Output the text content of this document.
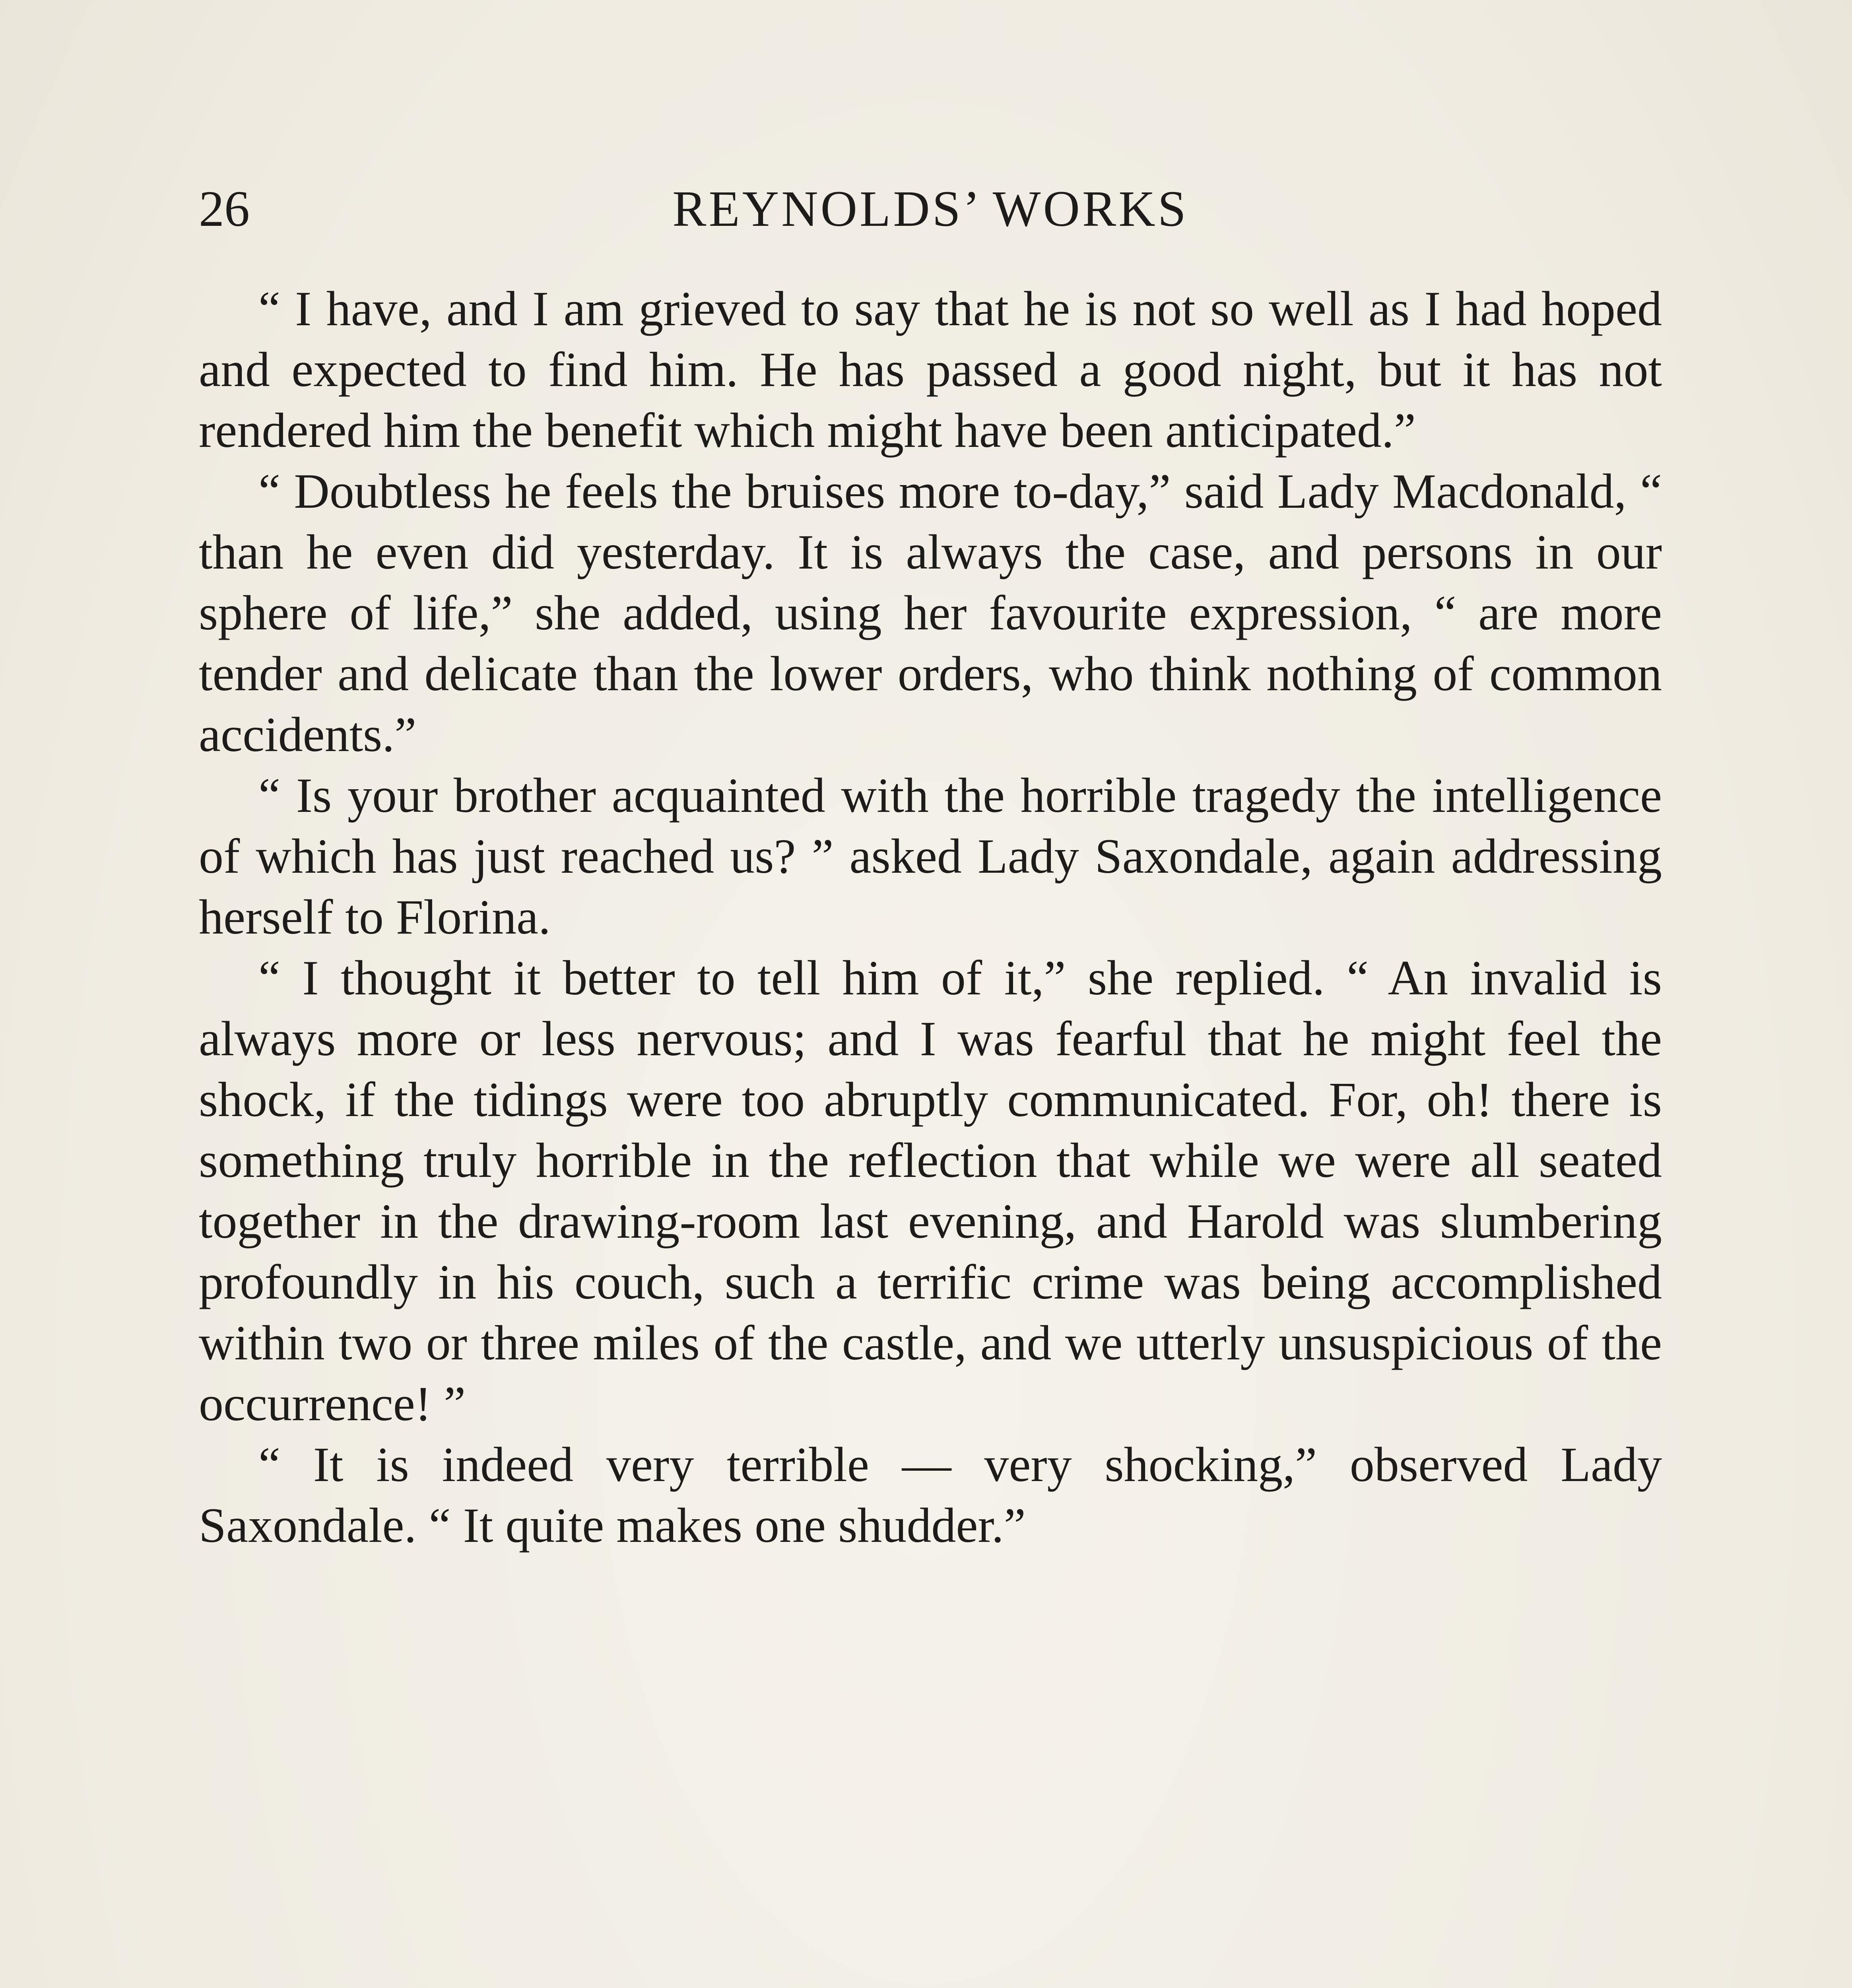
26	REYNOLDS’ WORKS

“ I have, and I am grieved to say that he is not so well as I had hoped and expected to find him. He has passed a good night, but it has not rendered him the benefit which might have been anticipated.”

“ Doubtless he feels the bruises more to-day,” said Lady Macdonald, “ than he even did yesterday. It is always the case, and persons in our sphere of life,” she added, using her favourite expression, “ are more tender and delicate than the lower orders, who think nothing of common accidents.”

“ Is your brother acquainted with the horrible tragedy the intelligence of which has just reached us? ” asked Lady Saxondale, again addressing herself to Florina.

“ I thought it better to tell him of it,” she replied. “ An invalid is always more or less nervous; and I was fearful that he might feel the shock, if the tidings were too abruptly communicated. For, oh! there is something truly horrible in the reflection that while we were all seated together in the drawing-room last evening, and Harold was slumbering profoundly in his couch, such a terrific crime was being accomplished within two or three miles of the castle, and we utterly unsuspicious of the occurrence! ”

“ It is indeed very terrible — very shocking,” observed Lady Saxondale. “ It quite makes one shudder.”
